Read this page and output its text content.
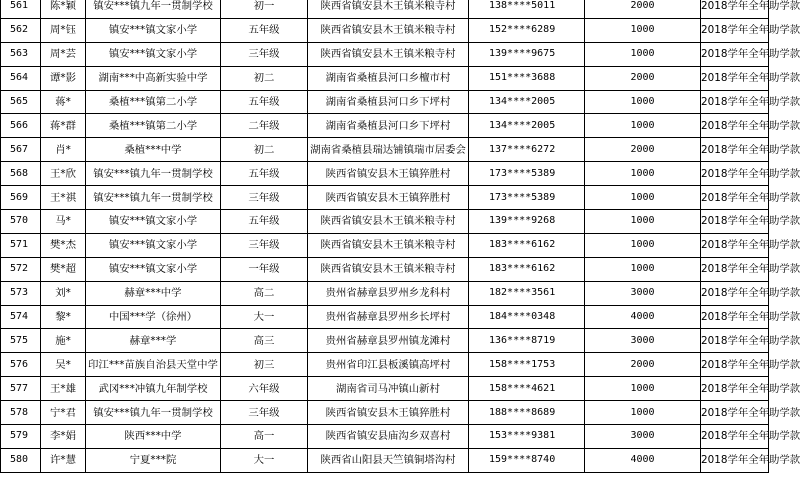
561	陈*颖	镇安***镇九年一贯制学校	初一	陕西省镇安县木王镇米粮寺村	138****5011	2000	2018学年全年助学款
562	周*钰	镇安***镇文家小学	五年级	陕西省镇安县木王镇米粮寺村	152****6289	1000	2018学年全年助学款
563	周*芸	镇安***镇文家小学	三年级	陕西省镇安县木王镇米粮寺村	139****9675	1000	2018学年全年助学款
564	谭*影	湖南***中高新实验中学	初二	湖南省桑植县河口乡檀市村	151****3688	2000	2018学年全年助学款
565	蒋*	桑植***镇第二小学	五年级	湖南省桑植县河口乡下坪村	134****2005	1000	2018学年全年助学款
566	蒋*群	桑植***镇第二小学	二年级	湖南省桑植县河口乡下坪村	134****2005	1000	2018学年全年助学款
567	肖*	桑植***中学	初二	湖南省桑植县瑞达铺镇瑞市居委会	137****6272	2000	2018学年全年助学款
568	王*欣	镇安***镇九年一贯制学校	五年级	陕西省镇安县木王镇猝胜村	173****5389	1000	2018学年全年助学款
569	王*祺	镇安***镇九年一贯制学校	三年级	陕西省镇安县木王镇猝胜村	173****5389	1000	2018学年全年助学款
570	马*	镇安***镇文家小学	五年级	陕西省镇安县木王镇米粮寺村	139****9268	1000	2018学年全年助学款
571	樊*杰	镇安***镇文家小学	三年级	陕西省镇安县木王镇米粮寺村	183****6162	1000	2018学年全年助学款
572	樊*超	镇安***镇文家小学	一年级	陕西省镇安县木王镇米粮寺村	183****6162	1000	2018学年全年助学款
573	刘*	赫章***中学	高二	贵州省赫章县罗州乡龙科村	182****3561	3000	2018学年全年助学款
574	黎*	中国***学（徐州）	大一	贵州省赫章县罗州乡长坪村	184****0348	4000	2018学年全年助学款
575	施*	赫章***学	高三	贵州省赫章县罗州镇龙滩村	136****8719	3000	2018学年全年助学款
576	吴*	印江***苗族自治县天堂中学	初三	贵州省印江县板溪镇高坪村	158****1753	2000	2018学年全年助学款
577	王*雄	武冈***冲镇九年制学校	六年级	湖南省司马冲镇山新村	158****4621	1000	2018学年全年助学款
578	宁*君	镇安***镇九年一贯制学校	三年级	陕西省镇安县木王镇猝胜村	188****8689	1000	2018学年全年助学款
579	李*娟	陕西***中学	高一	陕西省镇安县庙沟乡双喜村	153****9381	3000	2018学年全年助学款
580	许*慧	宁夏***院	大一	陕西省山阳县天竺镇铜塔沟村	159****8740	4000	2018学年全年助学款
